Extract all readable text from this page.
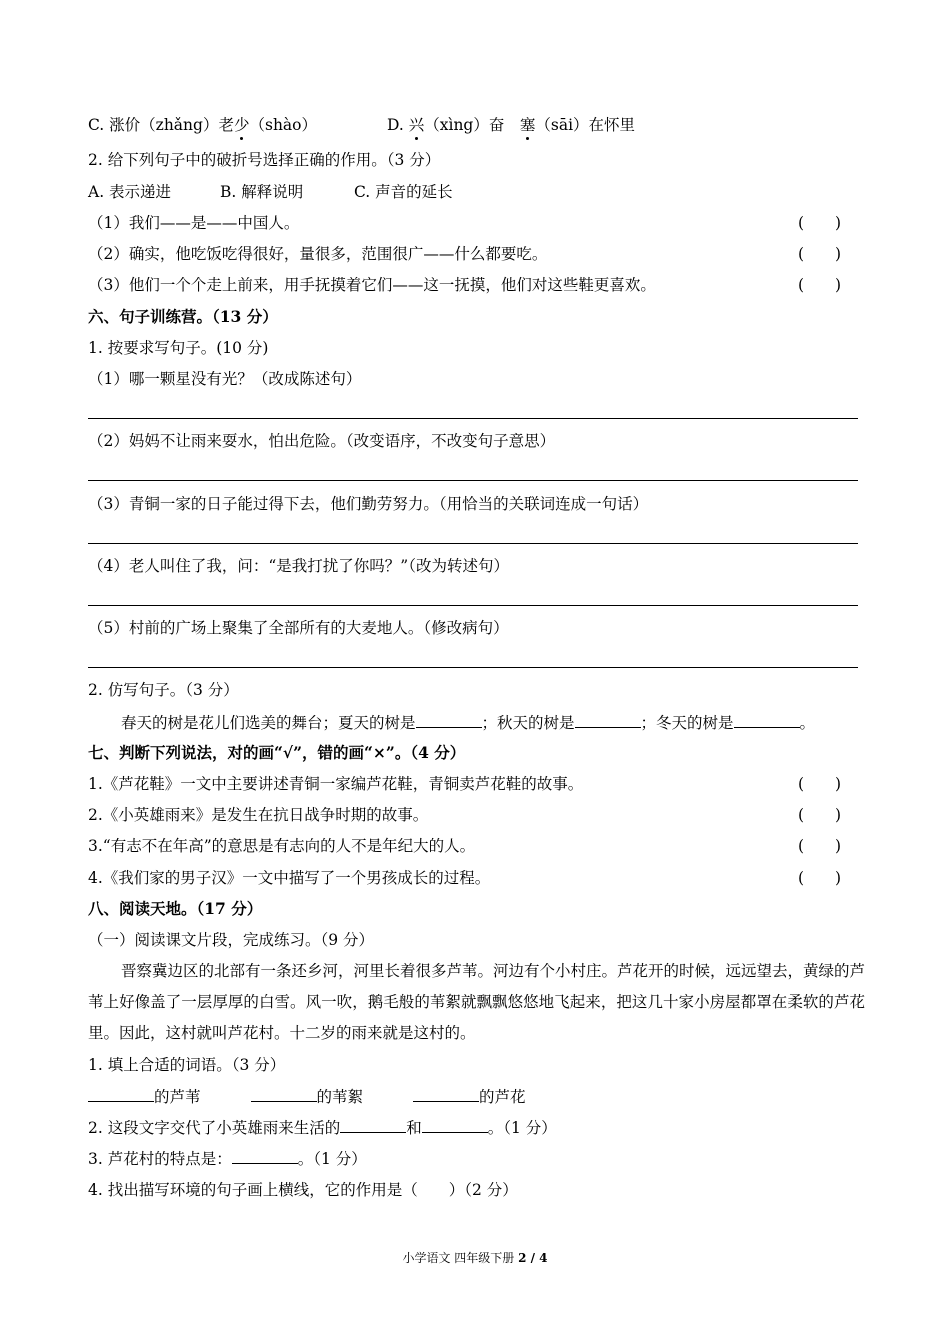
C. 涨价（zhǎng）老少（shào）	D. 兴（xìng）奋　塞（sāi）在怀里
2. 给下列句子中的破折号选择正确的作用。（3 分）
A. 表示递进	B. 解释说明	C. 声音的延长
（1）我们——是——中国人。	(　　)
（2）确实，他吃饭吃得很好，量很多，范围很广——什么都要吃。	(　　)
（3）他们一个个走上前来，用手抚摸着它们——这一抚摸，他们对这些鞋更喜欢。	(　　)
六、句子训练营。（13 分）
1. 按要求写句子。(10 分)
（1）哪一颗星没有光？（改成陈述句）
（2）妈妈不让雨来耍水，怕出危险。（改变语序，不改变句子意思）
（3）青铜一家的日子能过得下去，他们勤劳努力。（用恰当的关联词连成一句话）
（4）老人叫住了我，问：“是我打扰了你吗？”（改为转述句）
（5）村前的广场上聚集了全部所有的大麦地人。（修改病句）
2. 仿写句子。（3 分）
春天的树是花儿们选美的舞台；夏天的树是	；秋天的树是	；冬天的树是	。
七、判断下列说法，对的画“√”，错的画“×”。（4 分）
1.《芦花鞋》一文中主要讲述青铜一家编芦花鞋，青铜卖芦花鞋的故事。	(　　)
2.《小英雄雨来》是发生在抗日战争时期的故事。	(　　)
3.“有志不在年高”的意思是有志向的人不是年纪大的人。	(　　)
4.《我们家的男子汉》一文中描写了一个男孩成长的过程。	(　　)
八、阅读天地。（17 分）
（一）阅读课文片段，完成练习。（9 分）
晋察冀边区的北部有一条还乡河，河里长着很多芦苇。河边有个小村庄。芦花开的时候，远远望去，黄绿的芦苇上好像盖了一层厚厚的白雪。风一吹，鹅毛般的苇絮就飘飘悠悠地飞起来，把这几十家小房屋都罩在柔软的芦花里。因此，这村就叫芦花村。十二岁的雨来就是这村的。
1. 填上合适的词语。（3 分）
的芦苇	的苇絮	的芦花
2. 这段文字交代了小英雄雨来生活的	和	。（1 分）
3. 芦花村的特点是：	。（1 分）
4. 找出描写环境的句子画上横线，它的作用是（　　）（2 分）
小学语文 四年级下册 2 / 4
